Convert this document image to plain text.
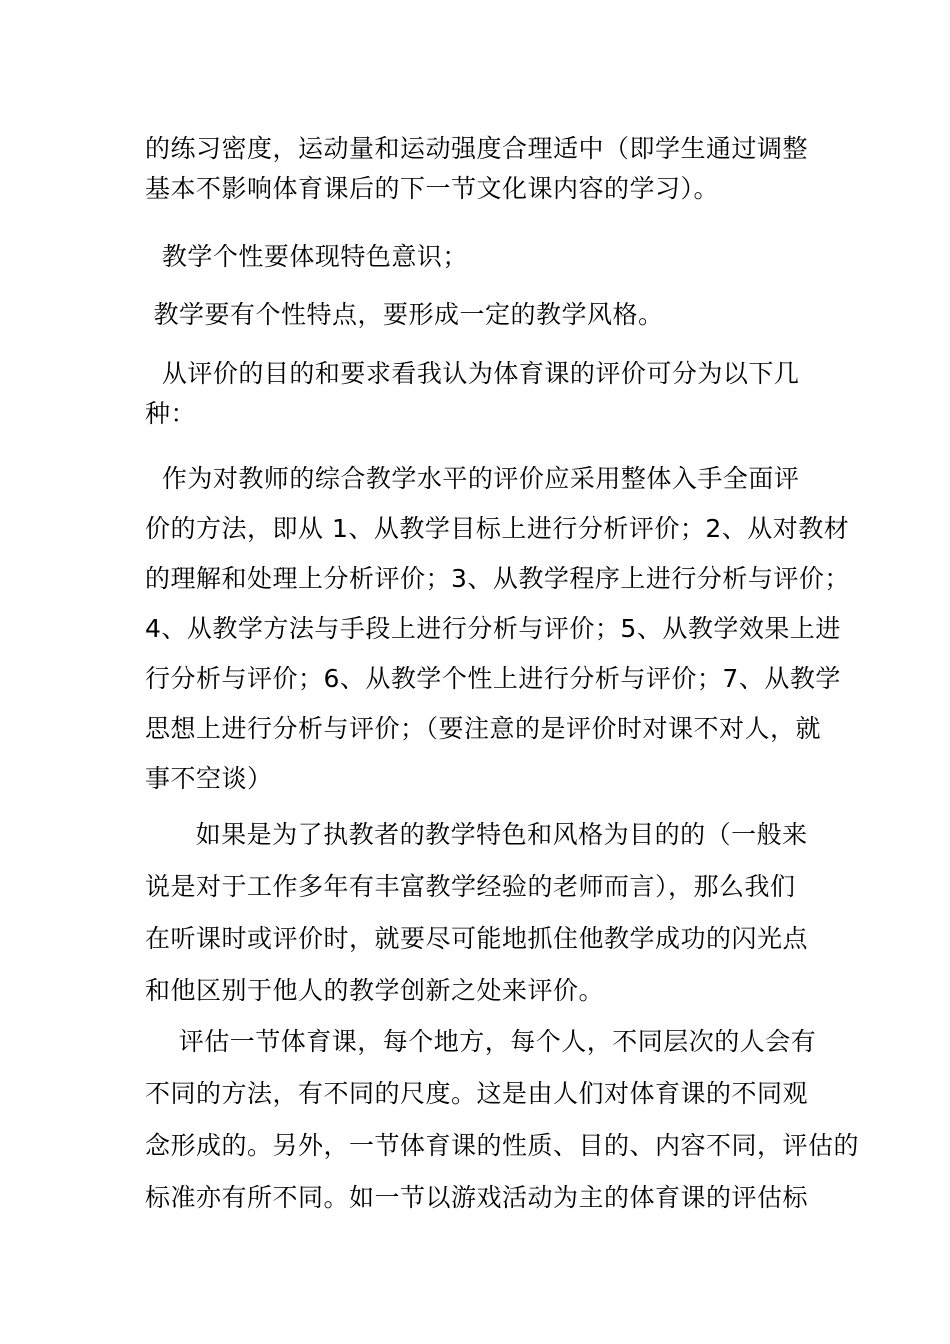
的练习密度，运动量和运动强度合理适中（即学生通过调整
基本不影响体育课后的下一节文化课内容的学习）。
教学个性要体现特色意识；
教学要有个性特点，要形成一定的教学风格。
从评价的目的和要求看我认为体育课的评价可分为以下几
种：
作为对教师的综合教学水平的评价应采用整体入手全面评
价的方法，即从 1、从教学目标上进行分析评价；2、从对教材
的理解和处理上分析评价；3、从教学程序上进行分析与评价；
4、从教学方法与手段上进行分析与评价；5、从教学效果上进
行分析与评价；6、从教学个性上进行分析与评价；7、从教学
思想上进行分析与评价；（要注意的是评价时对课不对人，就
事不空谈）
如果是为了执教者的教学特色和风格为目的的（一般来
说是对于工作多年有丰富教学经验的老师而言），那么我们
在听课时或评价时，就要尽可能地抓住他教学成功的闪光点
和他区别于他人的教学创新之处来评价。
评估一节体育课，每个地方，每个人，不同层次的人会有
不同的方法，有不同的尺度。这是由人们对体育课的不同观
念形成的。另外，一节体育课的性质、目的、内容不同，评估的
标准亦有所不同。如一节以游戏活动为主的体育课的评估标
